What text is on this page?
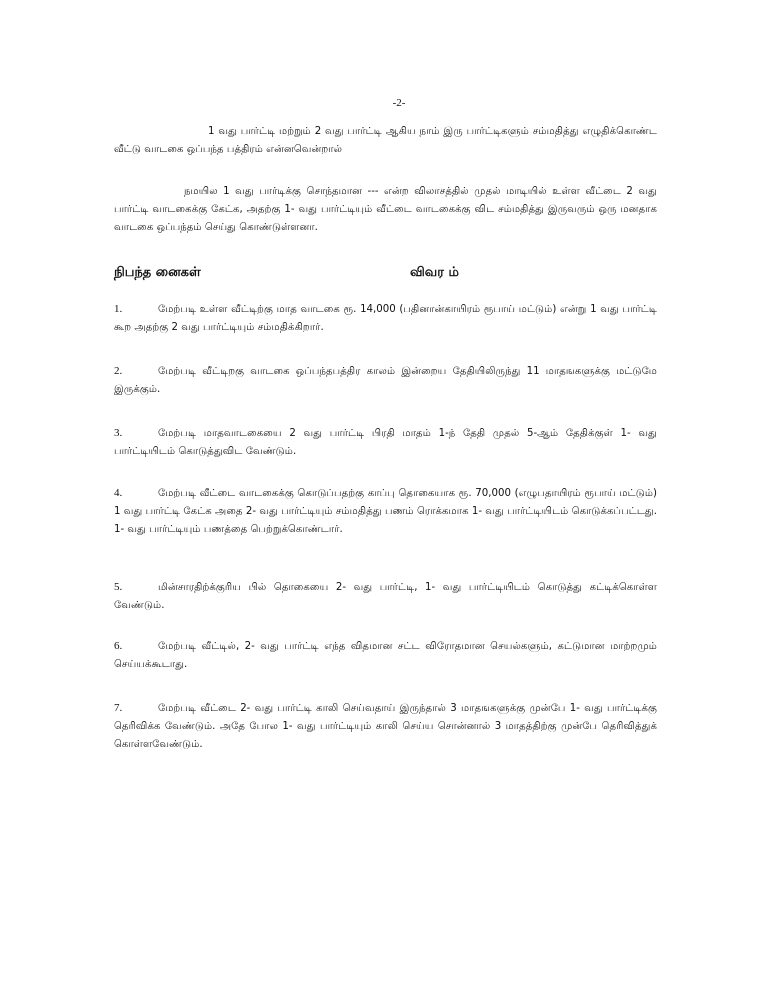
-2-

1 வது பார்ட்டி மற்றும் 2 வது பார்ட்டி ஆகிய நாம் இரு பார்ட்டிகளும் சம்மதித்து எழுதிக்கொண்ட வீட்டு வாடகை ஒப்பந்த பத்திரம் என்னவென்றால்

நமயில 1 வது பார்டிக்கு சொந்தமான --- என்ற விலாசத்தில் முதல் மாடியில் உள்ள வீட்டை 2 வது பார்ட்டி வாடகைக்கு கேட்க, அதற்கு 1- வது பார்ட்டியும் வீட்டை வாடகைக்கு விட சம்மதித்து இருவரும் ஒரு மனதாக வாடகை ஒப்பந்தம் செய்து கொண்டுள்ளனா.

நிபந்த னைகள்	விவர ம்

1.	மேற்படி உள்ள வீட்டிற்கு மாத வாடகை ரூ. 14,000 (பதினான்காயிரம் ரூபாய் மட்டும்) என்று 1 வது பார்ட்டி கூற அதற்கு 2 வது பார்ட்டியும் சம்மதிக்கிறார்.

2.	மேற்படி வீட்டிறகு வாடகை ஒப்பந்தபத்திர காலம் இன்றைய தேதியிலிருந்து 11 மாதஙகளுக்கு மட்டுமே இருக்கும்.

3.	மேற்படி மாதவாடகையை 2 வது பார்ட்டி பிரதி மாதம் 1-ந் தேதி முதல் 5-ஆம் தேதிக்குள் 1- வது பார்ட்டியிடம் கொடுத்துவிட வேண்டும்.

4.	மேற்படி வீட்டை வாடகைக்கு கொடுப்பதற்கு காப்பு தொகையாக ரூ. 70,000 (எழுபதாயிரம் ரூபாய் மட்டும்) 1 வது பார்ட்டி கேட்க அதை 2- வது பார்ட்டியும் சம்மதித்து பணம் ரொக்கமாக 1- வது பார்ட்டியிடம் கொடுக்கப்பட்டது. 1- வது பார்ட்டியும் பணத்தை பெற்றுக்கொண்டார்.

5.	மின்சாரதிற்க்குரிய பில் தொகையை 2- வது பார்ட்டி, 1- வது பார்ட்டியிடம் கொடுத்து கட்டிக்கொள்ள வேண்டும்.

6.	மேற்படி வீட்டில், 2- வது பார்ட்டி எந்த விதமான சட்ட விரோதமான செயல்களும், கட்டுமான மாற்றமும் செய்யக்கூடாது.

7.	மேற்படி வீட்டை 2- வது பார்ட்டி காலி செய்வதாய் இருந்தால் 3 மாதஙகளுக்கு முன்பே 1- வது பார்ட்டிக்கு தெரிவிக்க வேண்டும். அதே போல 1- வது பார்ட்டியும் காலி செய்ய சொன்னால் 3 மாதத்திற்கு முன்பே தெரிவித்துக் கொள்ளவேண்டும்.
